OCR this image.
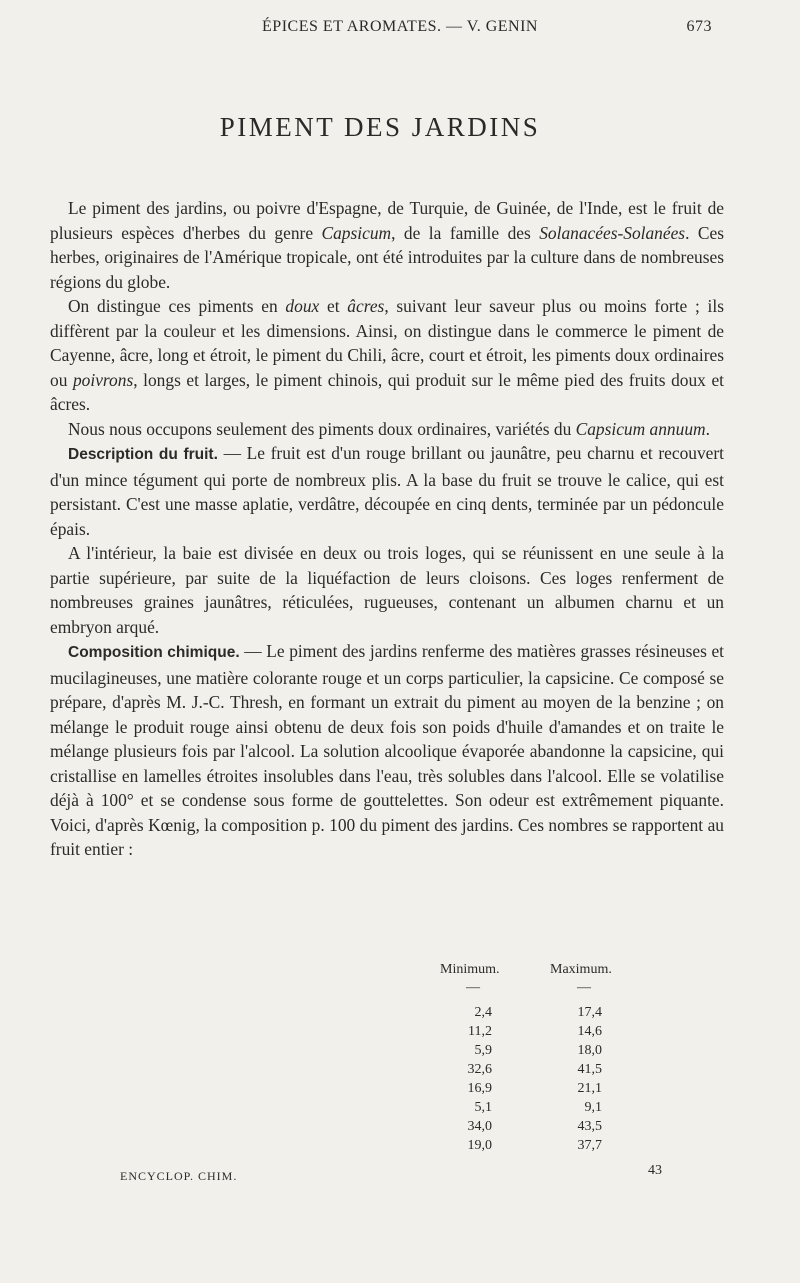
ÉPICES ET AROMATES. — V. GENIN	673
PIMENT DES JARDINS

Le piment des jardins, ou poivre d'Espagne, de Turquie, de Guinée, de l'Inde, est le fruit de plusieurs espèces d'herbes du genre Capsicum, de la famille des Solanacées-Solanées. Ces herbes, originaires de l'Amérique tropicale, ont été introduites par la culture dans de nombreuses régions du globe.

On distingue ces piments en doux et âcres, suivant leur saveur plus ou moins forte ; ils diffèrent par la couleur et les dimensions. Ainsi, on distingue dans le commerce le piment de Cayenne, âcre, long et étroit, le piment du Chili, âcre, court et étroit, les piments doux ordinaires ou poivrons, longs et larges, le piment chinois, qui produit sur le même pied des fruits doux et âcres.

Nous nous occupons seulement des piments doux ordinaires, variétés du Capsicum annuum.

Description du fruit. — Le fruit est d'un rouge brillant ou jaunâtre, peu charnu et recouvert d'un mince tégument qui porte de nombreux plis. A la base du fruit se trouve le calice, qui est persistant. C'est une masse aplatie, verdâtre, découpée en cinq dents, terminée par un pédoncule épais.

A l'intérieur, la baie est divisée en deux ou trois loges, qui se réunissent en une seule à la partie supérieure, par suite de la liquéfaction de leurs cloisons. Ces loges renferment de nombreuses graines jaunâtres, réticulées, rugueuses, contenant un albumen charnu et un embryon arqué.

Composition chimique. — Le piment des jardins renferme des matières grasses résineuses et mucilagineuses, une matière colorante rouge et un corps particulier, la capsicine. Ce composé se prépare, d'après M. J.-C. Thresh, en formant un extrait du piment au moyen de la benzine ; on mélange le produit rouge ainsi obtenu de deux fois son poids d'huile d'amandes et on traite le mélange plusieurs fois par l'alcool. La solution alcoolique évaporée abandonne la capsicine, qui cristallise en lamelles étroites insolubles dans l'eau, très solubles dans l'alcool. Elle se volatilise déjà à 100° et se condense sous forme de gouttelettes. Son odeur est extrêmement piquante. Voici, d'après Kœnig, la composition p. 100 du piment des jardins. Ces nombres se rapportent au fruit entier :

Minimum.	Maximum.
—	—
2,4	17,4
11,2	14,6
5,9	18,0
32,6	41,5
16,9	21,1
5,1	9,1
34,0	43,5
19,0	37,7
ENCYCLOP. CHIM.	43
